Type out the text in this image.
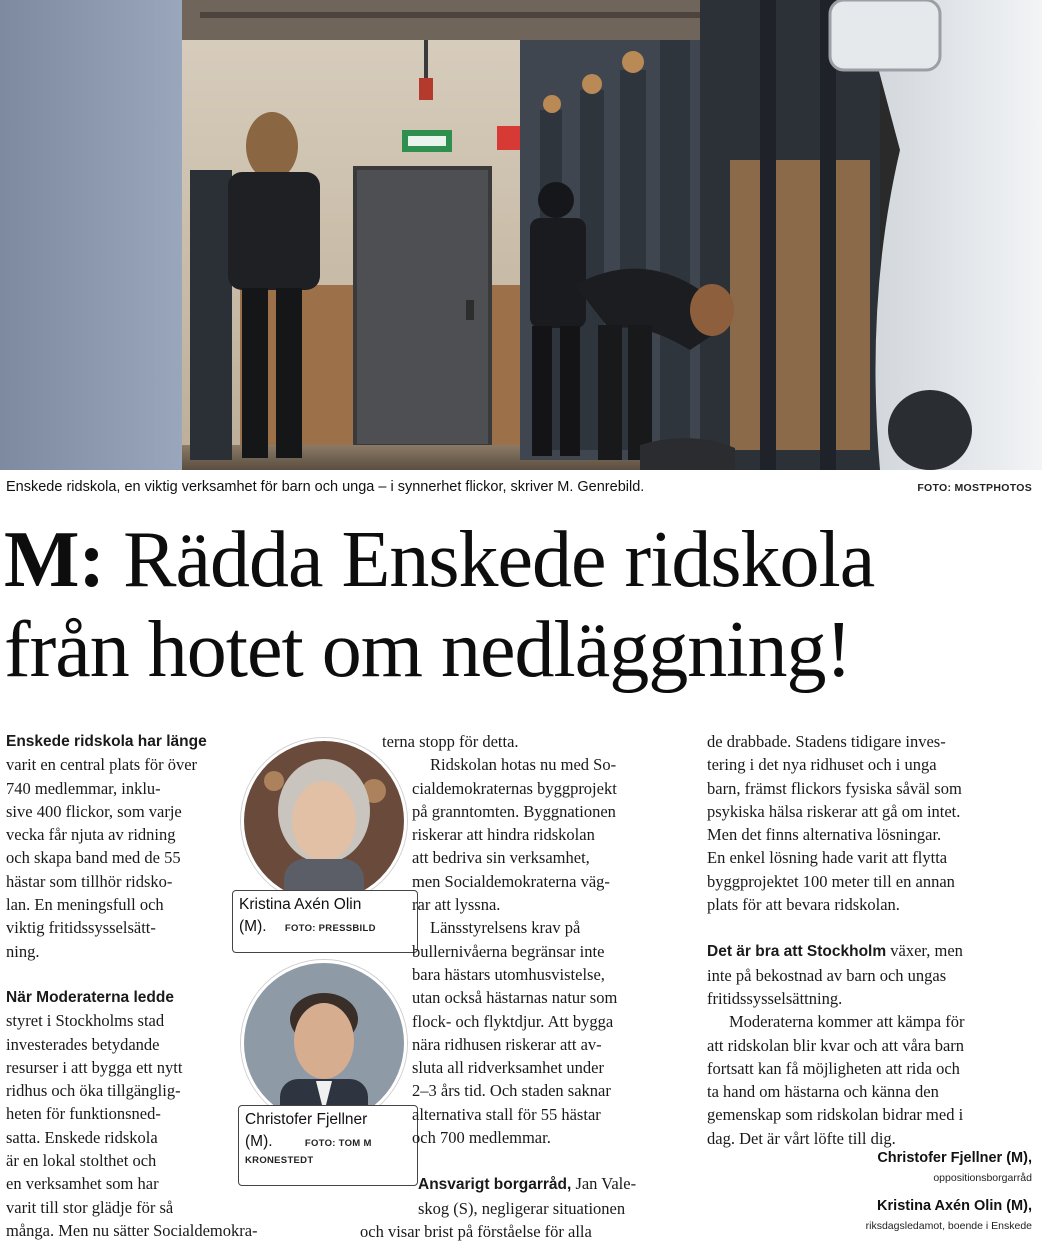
Enskede ridskola, en viktig verksamhet för barn och unga – i synnerhet flickor, skriver M. Genrebild.	FOTO: MOSTPHOTOS
M: Rädda Enskede ridskola
från hotet om nedläggning!
Enskede ridskola har länge
varit en central plats för över
740 medlemmar, inklu-
sive 400 flickor, som varje
vecka får njuta av ridning
och skapa band med de 55
hästar som tillhör ridsko-
lan. En meningsfull och
viktig fritidssysselsätt-
ning.
När Moderaterna ledde
styret i Stockholms stad
investerades betydande
resurser i att bygga ett nytt
ridhus och öka tillgänglig-
heten för funktionsned-
satta. Enskede ridskola
är en lokal stolthet och
en verksamhet som har
varit till stor glädje för så
många. Men nu sätter Socialdemokra-
Kristina Axén Olin
(M). FOTO: PRESSBILD
Christofer Fjellner
(M).	FOTO: TOM M
KRONESTEDT
terna stopp för detta.
Ridskolan hotas nu med So-
cialdemokraternas byggprojekt
på granntomten. Byggnationen
riskerar att hindra ridskolan
att bedriva sin verksamhet,
men Socialdemokraterna väg-
rar att lyssna.
Länsstyrelsens krav på
bullernivåerna begränsar inte
bara hästars utomhusvistelse,
utan också hästarnas natur som
flock- och flyktdjur. Att bygga
nära ridhusen riskerar att av-
sluta all ridverksamhet under
2–3 års tid. Och staden saknar
alternativa stall för 55 hästar
och 700 medlemmar.
Ansvarigt borgarråd, Jan Vale-
skog (S), negligerar situationen
och visar brist på förståelse för alla
de drabbade. Stadens tidigare inves-
tering i det nya ridhuset och i unga
barn, främst flickors fysiska såväl som
psykiska hälsa riskerar att gå om intet.
Men det finns alternativa lösningar.
En enkel lösning hade varit att flytta
byggprojektet 100 meter till en annan
plats för att bevara ridskolan.
Det är bra att Stockholm växer, men
inte på bekostnad av barn och ungas
fritidssysselsättning.
Moderaterna kommer att kämpa för
att ridskolan blir kvar och att våra barn
fortsatt kan få möjligheten att rida och
ta hand om hästarna och känna den
gemenskap som ridskolan bidrar med i
dag. Det är vårt löfte till dig.
Christofer Fjellner (M),
oppositionsborgarråd
Kristina Axén Olin (M),
riksdagsledamot, boende i Enskede
